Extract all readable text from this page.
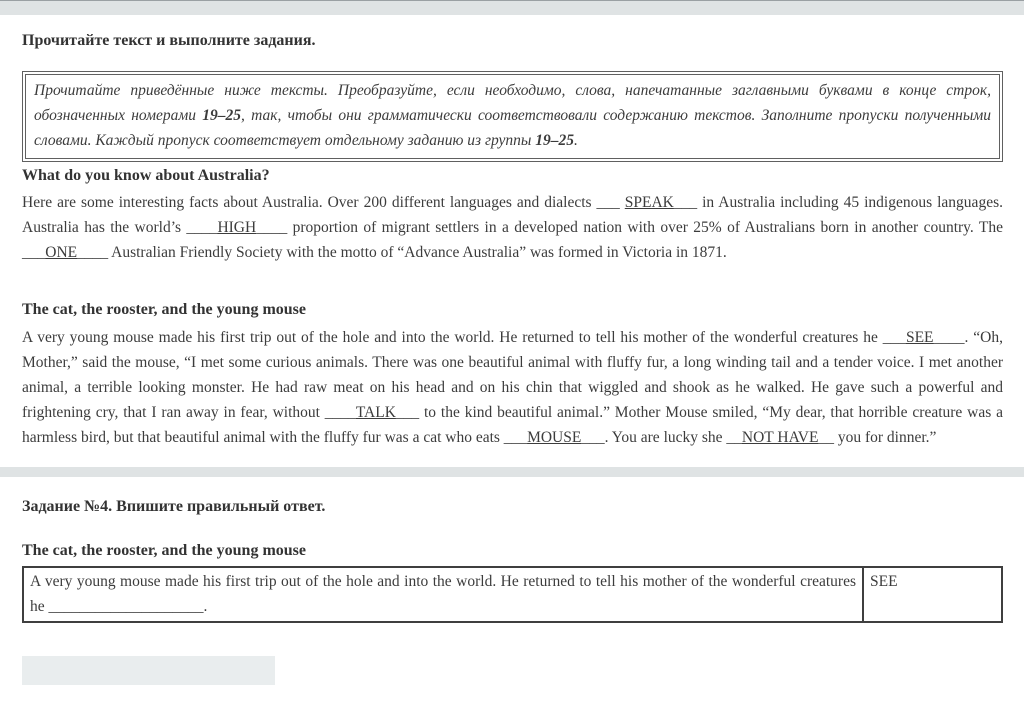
Прочитайте текст и выполните задания.

Прочитайте приведённые ниже тексты. Преобразуйте, если необходимо, слова, напечатанные заглавными буквами в конце строк, обозначенных номерами 19–25, так, чтобы они грамматически соответствовали содержанию текстов. Заполните пропуски полученными словами. Каждый пропуск соответствует отдельному заданию из группы 19–25.

What do you know about Australia?

Here are some interesting facts about Australia. Over 200 different languages and dialects ___ SPEAK___ in Australia including 45 indigenous languages. Australia has the world’s ____HIGH____ proportion of migrant settlers in a developed nation with over 25% of Australians born in another country. The ___ONE____ Australian Friendly Society with the motto of “Advance Australia” was formed in Victoria in 1871.

The cat, the rooster, and the young mouse

A very young mouse made his first trip out of the hole and into the world. He returned to tell his mother of the wonderful creatures he ___SEE____. “Oh, Mother,” said the mouse, “I met some curious animals. There was one beautiful animal with fluffy fur, a long winding tail and a tender voice. I met another animal, a terrible looking monster. He had raw meat on his head and on his chin that wiggled and shook as he walked. He gave such a powerful and frightening cry, that I ran away in fear, without ____TALK___ to the kind beautiful animal.” Mother Mouse smiled, “My dear, that horrible creature was a harmless bird, but that beautiful animal with the fluffy fur was a cat who eats ___MOUSE___. You are lucky she __NOT HAVE__ you for dinner.”

Задание №4. Впишите правильный ответ.
The cat, the rooster, and the young mouse
A very young mouse made his first trip out of the hole and into the world. He returned to tell his mother of the wonderful creatures he ____________________.	SEE
